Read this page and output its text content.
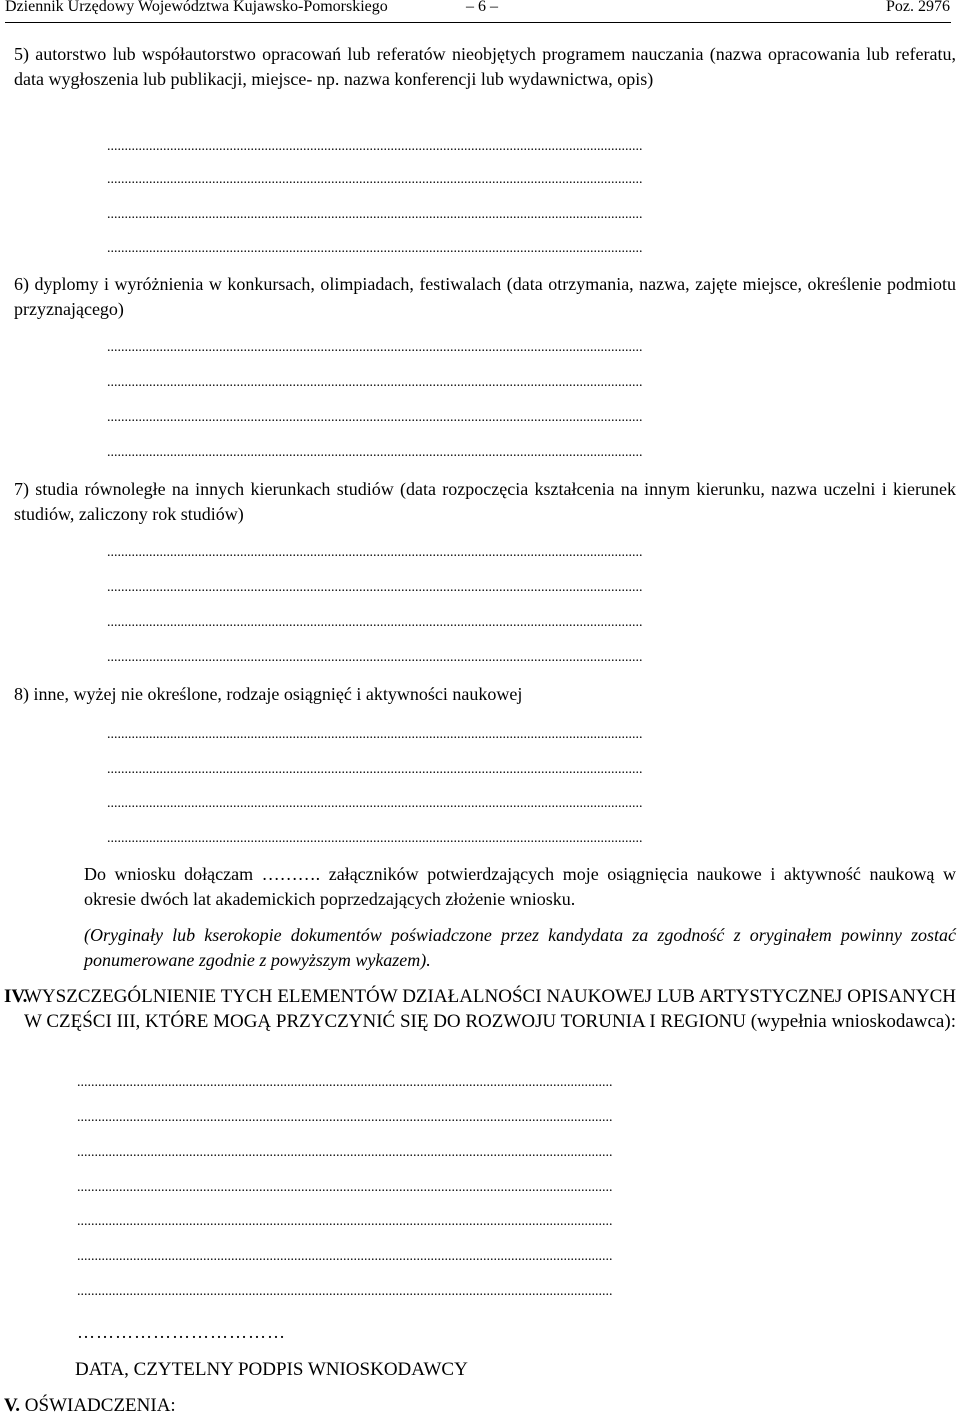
Dziennik Urzędowy Województwa Kujawsko-Pomorskiego	– 6 –	Poz. 2976
5) autorstwo lub współautorstwo opracowań lub referatów nieobjętych programem nauczania (nazwa opracowania lub referatu, data wygłoszenia lub publikacji, miejsce- np. nazwa konferencji lub wydawnictwa, opis)
.........................................................................................................................................................
.........................................................................................................................................................
.........................................................................................................................................................
.........................................................................................................................................................
6) dyplomy i wyróżnienia w konkursach, olimpiadach, festiwalach (data otrzymania, nazwa, zajęte miejsce, określenie podmiotu przyznającego)
.........................................................................................................................................................
.........................................................................................................................................................
.........................................................................................................................................................
.........................................................................................................................................................
7) studia równoległe na innych kierunkach studiów (data rozpoczęcia kształcenia na innym kierunku, nazwa uczelni i kierunek studiów, zaliczony rok studiów)
.........................................................................................................................................................
.........................................................................................................................................................
.........................................................................................................................................................
.........................................................................................................................................................
8) inne, wyżej nie określone, rodzaje osiągnięć i aktywności naukowej
.........................................................................................................................................................
.........................................................................................................................................................
.........................................................................................................................................................
.........................................................................................................................................................
Do wniosku dołączam ………. załączników potwierdzających moje osiągnięcia naukowe i aktywność naukową w okresie dwóch lat akademickich poprzedzających złożenie wniosku.
(Oryginały lub kserokopie dokumentów poświadczone przez kandydata za zgodność z oryginałem powinny zostać ponumerowane zgodnie z powyższym wykazem).
IV.
WYSZCZEGÓLNIENIE TYCH ELEMENTÓW DZIAŁALNOŚCI NAUKOWEJ LUB ARTYSTYCZNEJ OPISANYCH W CZĘŚCI III, KTÓRE MOGĄ PRZYCZYNIĆ SIĘ DO ROZWOJU TORUNIA I REGIONU (wypełnia wnioskodawca):
.........................................................................................................................................................
.........................................................................................................................................................
.........................................................................................................................................................
.........................................................................................................................................................
.........................................................................................................................................................
.........................................................................................................................................................
.........................................................................................................................................................
……………………………
DATA, CZYTELNY PODPIS WNIOSKODAWCY
V. OŚWIADCZENIA:
